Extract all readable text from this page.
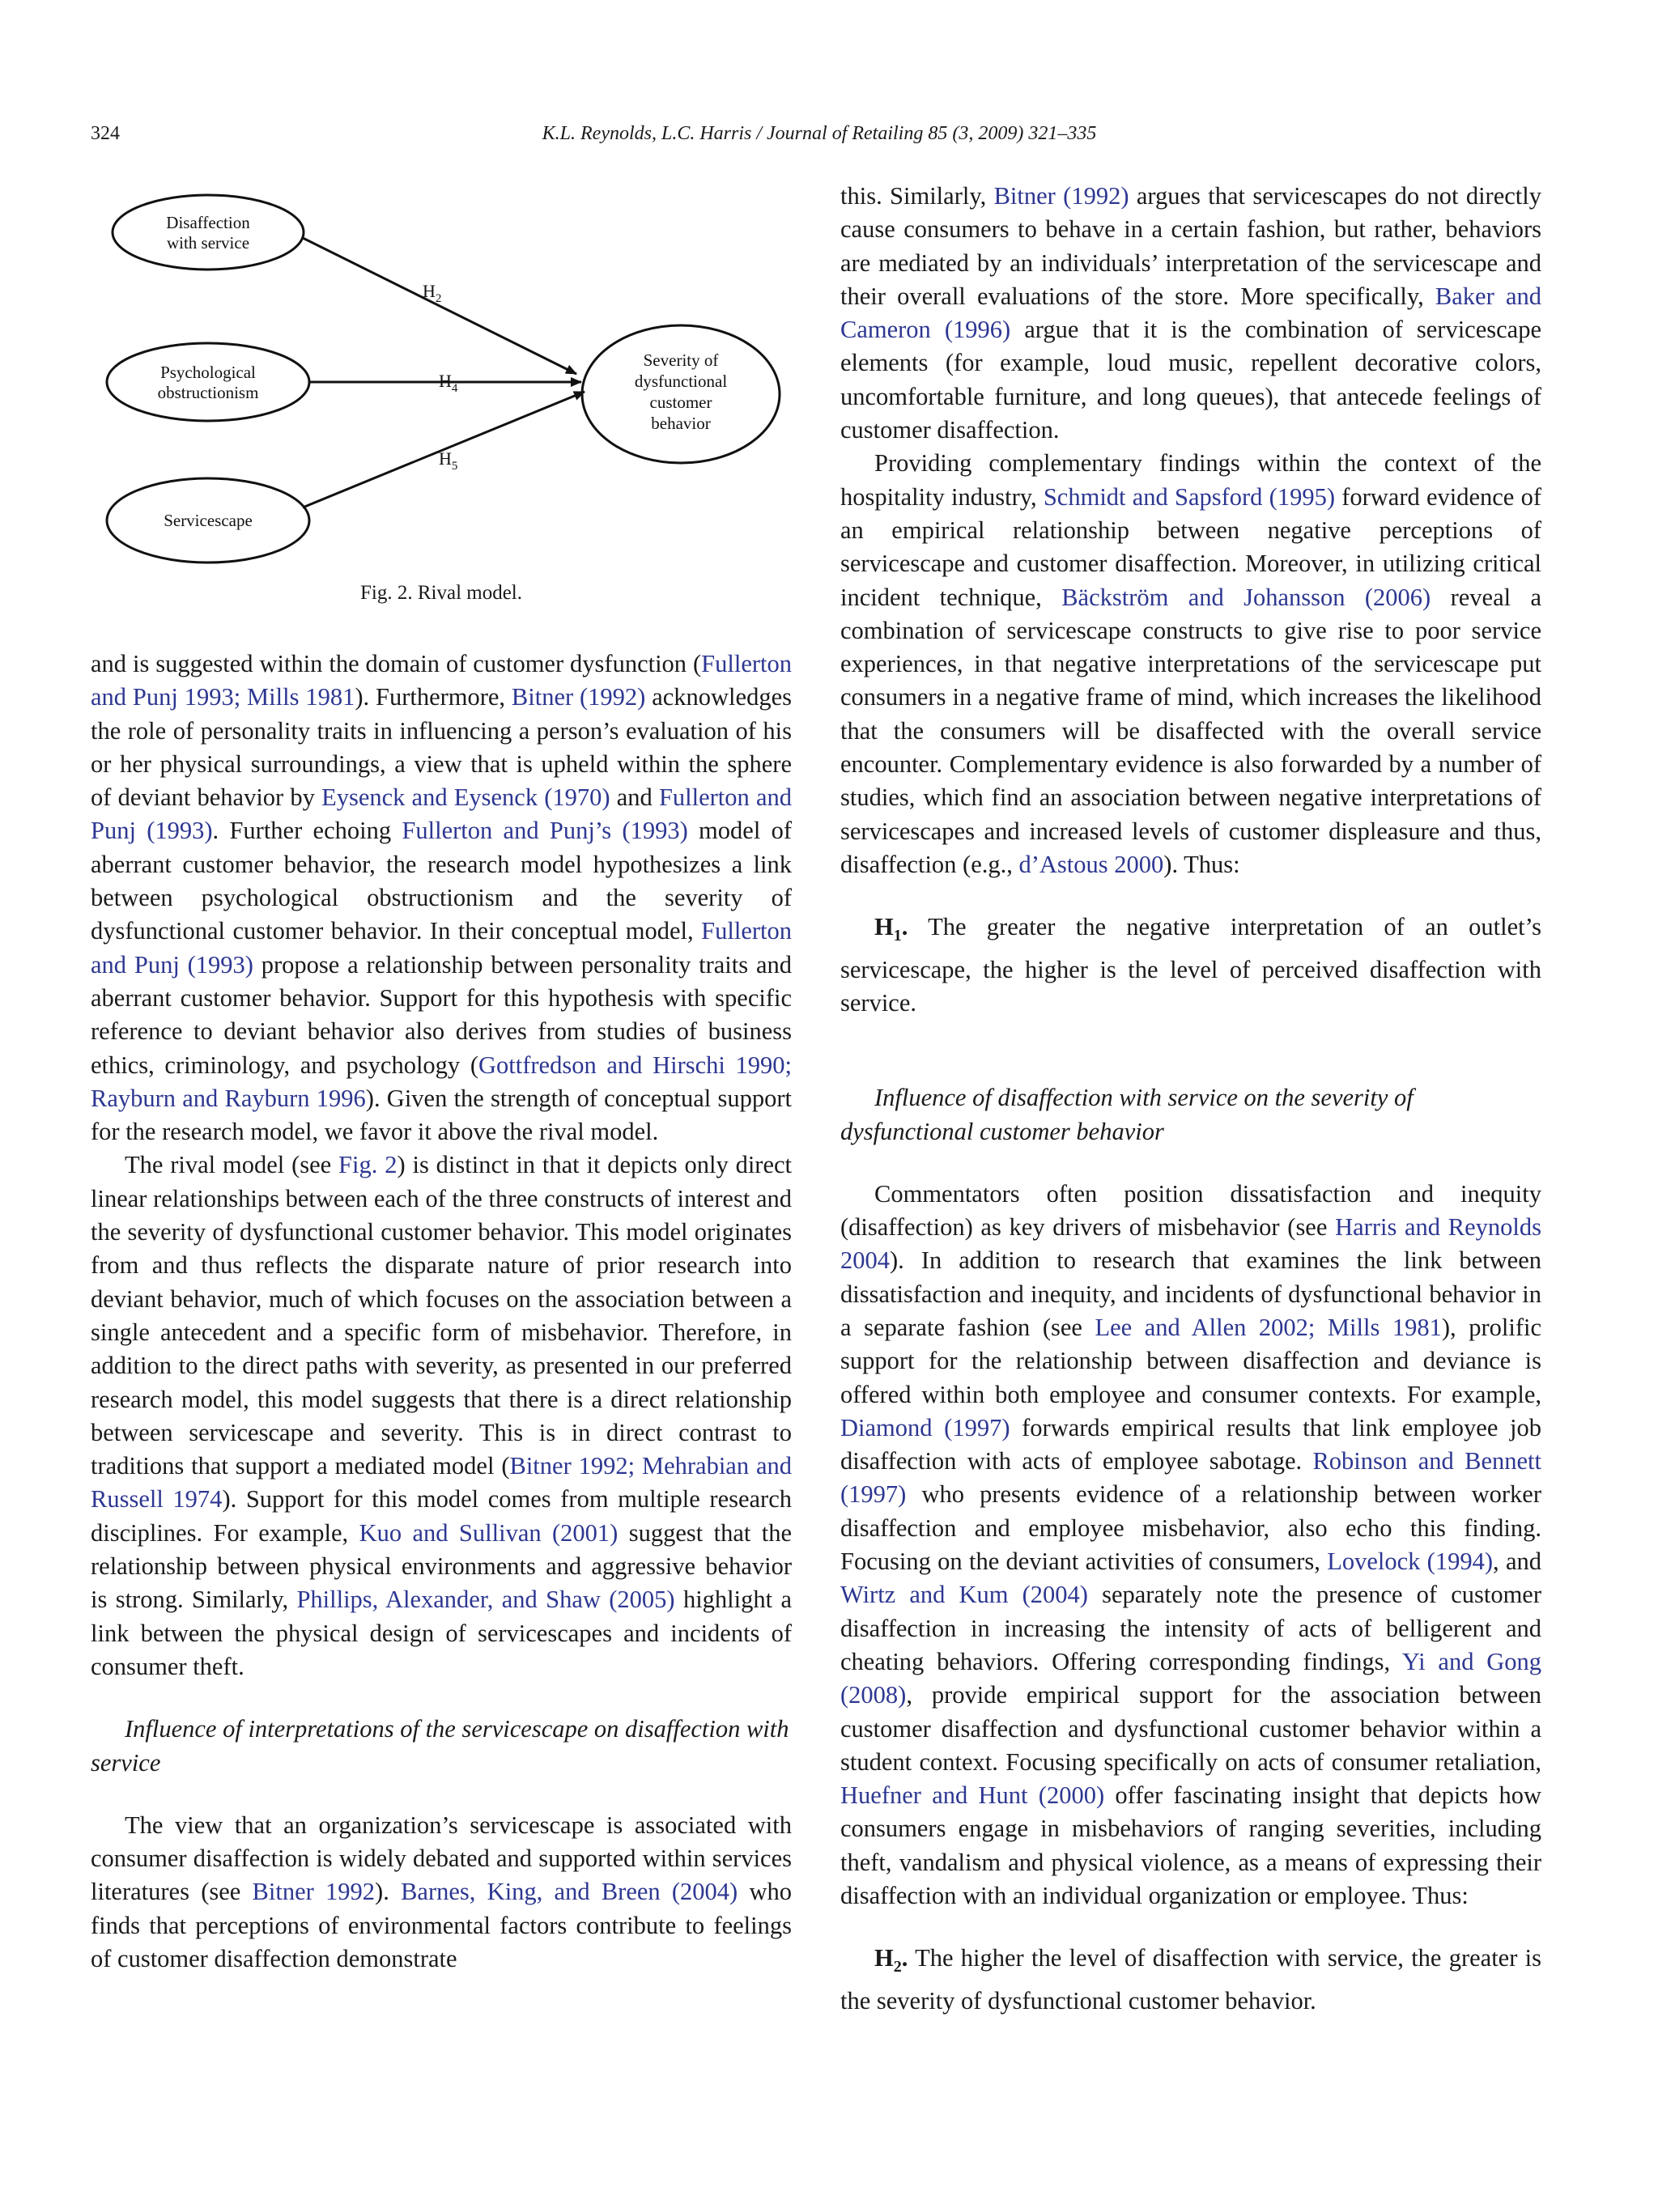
324	K.L. Reynolds, L.C. Harris / Journal of Retailing 85 (3, 2009) 321–335
Disaffection
with service
Psychological
obstructionism
Servicescape
Severity of
dysfunctional
customer
behavior
$H_2$
$H_4$
$H_5$
Fig. 2. Rival model.

and is suggested within the domain of customer dysfunction (Fullerton and Punj 1993; Mills 1981). Furthermore, Bitner (1992) acknowledges the role of personality traits in influencing a person’s evaluation of his or her physical surroundings, a view that is upheld within the sphere of deviant behavior by Eysenck and Eysenck (1970) and Fullerton and Punj (1993). Further echoing Fullerton and Punj’s (1993) model of aberrant customer behavior, the research model hypothesizes a link between psychological obstructionism and the severity of dysfunctional customer behavior. In their conceptual model, Fullerton and Punj (1993) propose a relationship between personality traits and aberrant customer behavior. Support for this hypothesis with specific reference to deviant behavior also derives from studies of business ethics, criminology, and psychology (Gottfredson and Hirschi 1990; Rayburn and Rayburn 1996). Given the strength of conceptual support for the research model, we favor it above the rival model.

The rival model (see Fig. 2) is distinct in that it depicts only direct linear relationships between each of the three constructs of interest and the severity of dysfunctional customer behavior. This model originates from and thus reflects the disparate nature of prior research into deviant behavior, much of which focuses on the association between a single antecedent and a specific form of misbehavior. Therefore, in addition to the direct paths with severity, as presented in our preferred research model, this model suggests that there is a direct relationship between servicescape and severity. This is in direct contrast to traditions that support a mediated model (Bitner 1992; Mehrabian and Russell 1974). Support for this model comes from multiple research disciplines. For example, Kuo and Sullivan (2001) suggest that the relationship between physical environments and aggressive behavior is strong. Similarly, Phillips, Alexander, and Shaw (2005) highlight a link between the physical design of servicescapes and incidents of consumer theft.

Influence of interpretations of the servicescape on disaffection with service

The view that an organization’s servicescape is associated with consumer disaffection is widely debated and supported within services literatures (see Bitner 1992). Barnes, King, and Breen (2004) who finds that perceptions of environmental factors contribute to feelings of customer disaffection demonstrate

this. Similarly, Bitner (1992) argues that servicescapes do not directly cause consumers to behave in a certain fashion, but rather, behaviors are mediated by an individuals’ interpretation of the servicescape and their overall evaluations of the store. More specifically, Baker and Cameron (1996) argue that it is the combination of servicescape elements (for example, loud music, repellent decorative colors, uncomfortable furniture, and long queues), that antecede feelings of customer disaffection.

Providing complementary findings within the context of the hospitality industry, Schmidt and Sapsford (1995) forward evidence of an empirical relationship between negative perceptions of servicescape and customer disaffection. Moreover, in utilizing critical incident technique, Bäckström and Johansson (2006) reveal a combination of servicescape constructs to give rise to poor service experiences, in that negative interpretations of the servicescape put consumers in a negative frame of mind, which increases the likelihood that the consumers will be disaffected with the overall service encounter. Complementary evidence is also forwarded by a number of studies, which find an association between negative interpretations of servicescapes and increased levels of customer displeasure and thus, disaffection (e.g., d’Astous 2000). Thus:

$H_1$. The greater the negative interpretation of an outlet’s servicescape, the higher is the level of perceived disaffection with service.

Influence of disaffection with service on the severity of dysfunctional customer behavior

Commentators often position dissatisfaction and inequity (disaffection) as key drivers of misbehavior (see Harris and Reynolds 2004). In addition to research that examines the link between dissatisfaction and inequity, and incidents of dysfunctional behavior in a separate fashion (see Lee and Allen 2002; Mills 1981), prolific support for the relationship between disaffection and deviance is offered within both employee and consumer contexts. For example, Diamond (1997) forwards empirical results that link employee job disaffection with acts of employee sabotage. Robinson and Bennett (1997) who presents evidence of a relationship between worker disaffection and employee misbehavior, also echo this finding. Focusing on the deviant activities of consumers, Lovelock (1994), and Wirtz and Kum (2004) separately note the presence of customer disaffection in increasing the intensity of acts of belligerent and cheating behaviors. Offering corresponding findings, Yi and Gong (2008), provide empirical support for the association between customer disaffection and dysfunctional customer behavior within a student context. Focusing specifically on acts of consumer retaliation, Huefner and Hunt (2000) offer fascinating insight that depicts how consumers engage in misbehaviors of ranging severities, including theft, vandalism and physical violence, as a means of expressing their disaffection with an individual organization or employee. Thus:

$H_2$. The higher the level of disaffection with service, the greater is the severity of dysfunctional customer behavior.
